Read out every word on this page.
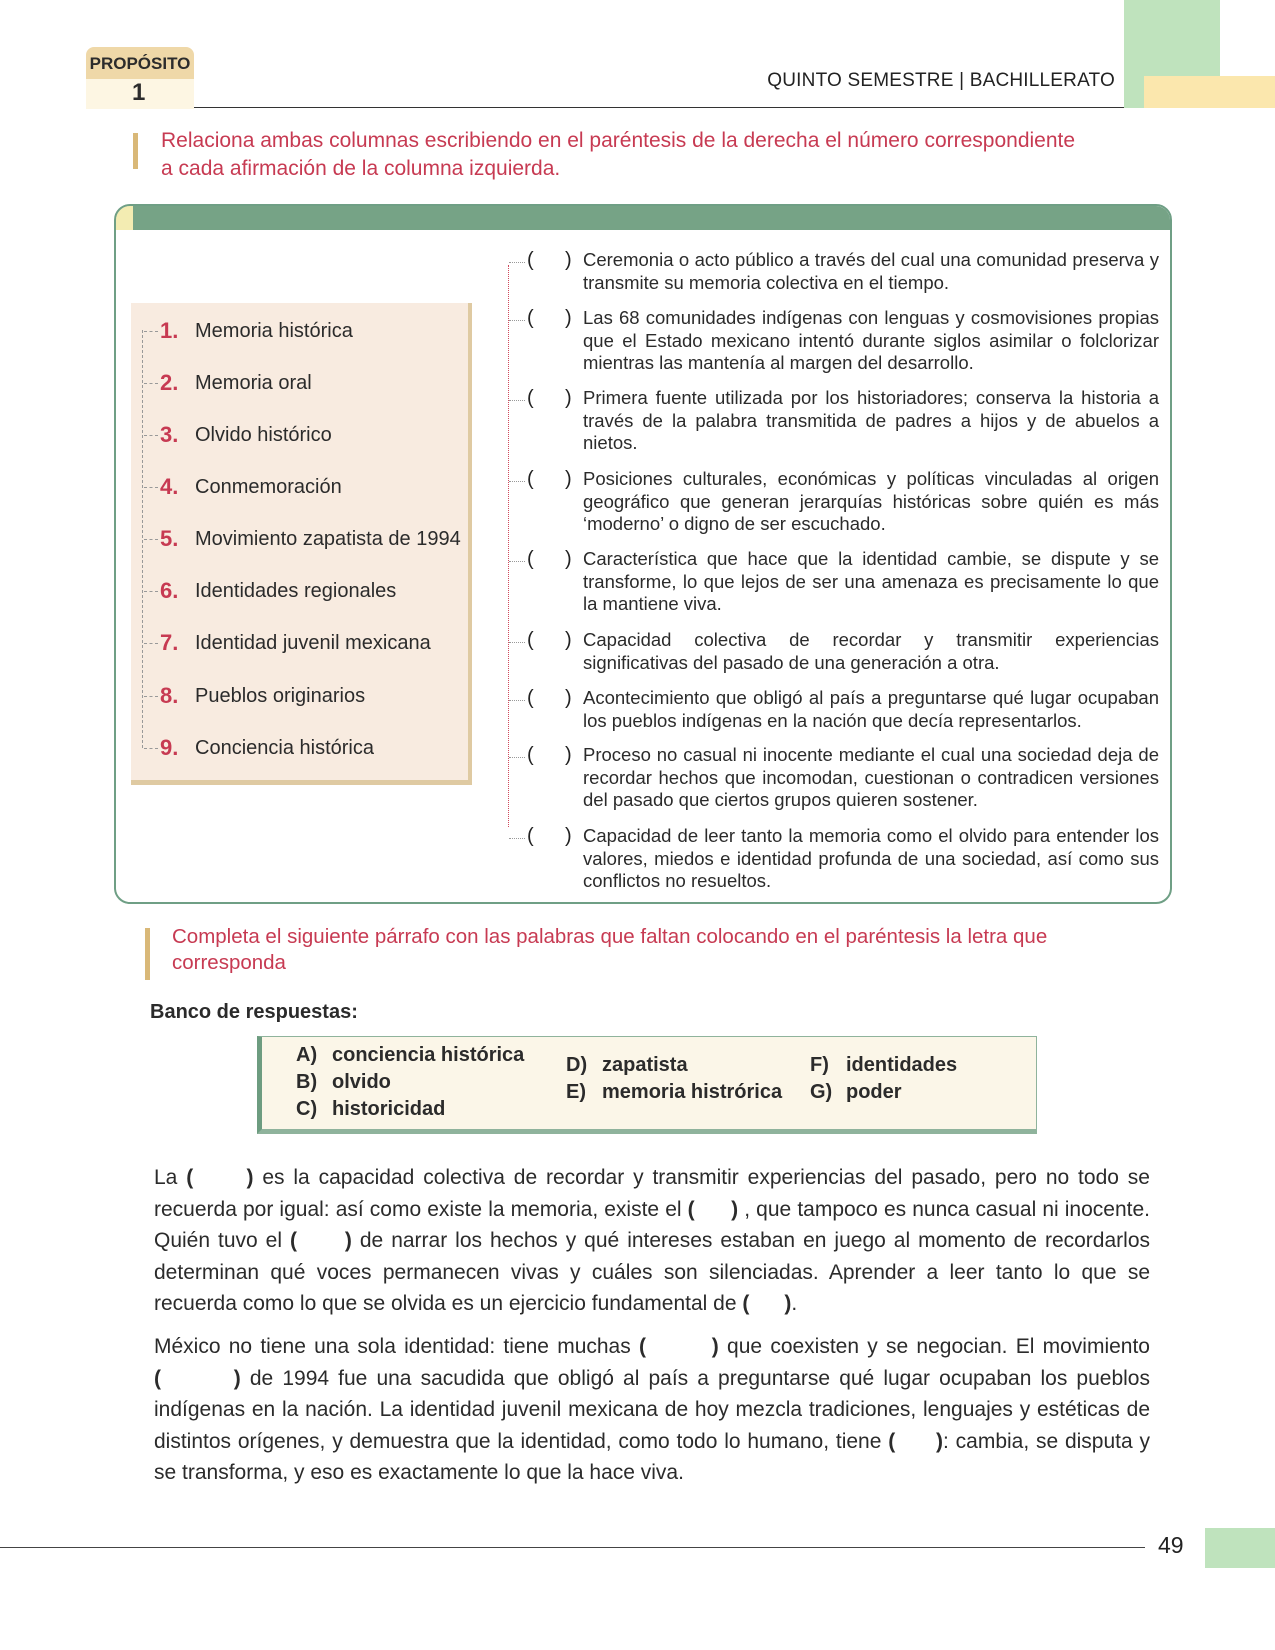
PROPÓSITO
1	QUINTO SEMESTRE | BACHILLERATO
Relaciona ambas columnas escribiendo en el paréntesis de la derecha el número correspondiente
a cada afirmación de la columna izquierda.
1. Memoria histórica
2. Memoria oral
3. Olvido histórico
4. Conmemoración
5. Movimiento zapatista de 1994
6. Identidades regionales
7. Identidad juvenil mexicana
8. Pueblos originarios
9. Conciencia histórica
( ) Ceremonia o acto público a través del cual una comunidad preserva y transmite su memoria colectiva en el tiempo.
( ) Las 68 comunidades indígenas con lenguas y cosmovisiones propias que el Estado mexicano intentó durante siglos asimilar o folclorizar mientras las mantenía al margen del desarrollo.
( ) Primera fuente utilizada por los historiadores; conserva la historia a través de la palabra transmitida de padres a hijos y de abuelos a nietos.
( ) Posiciones culturales, económicas y políticas vinculadas al origen geográfico que generan jerarquías históricas sobre quién es más ‘moderno’ o digno de ser escuchado.
( ) Característica que hace que la identidad cambie, se dispute y se transforme, lo que lejos de ser una amenaza es precisamente lo que la mantiene viva.
( ) Capacidad colectiva de recordar y transmitir experiencias significativas del pasado de una generación a otra.
( ) Acontecimiento que obligó al país a preguntarse qué lugar ocupaban los pueblos indígenas en la nación que decía representarlos.
( ) Proceso no casual ni inocente mediante el cual una sociedad deja de recordar hechos que incomodan, cuestionan o contradicen versiones del pasado que ciertos grupos quieren sostener.
( ) Capacidad de leer tanto la memoria como el olvido para entender los valores, miedos e identidad profunda de una sociedad, así como sus conflictos no resueltos.
Completa el siguiente párrafo con las palabras que faltan colocando en el paréntesis la letra que
corresponda
Banco de respuestas:
A) conciencia histórica
B) olvido
C) historicidad
D) zapatista
E) memoria histrórica
F) identidades
G) poder
La (      ) es la capacidad colectiva de recordar y transmitir experiencias del pasado, pero no todo se recuerda por igual: así como existe la memoria, existe el (      ) , que tampoco es nunca casual ni inocente. Quién tuvo el (      ) de narrar los hechos y qué intereses estaban en juego al momento de recordarlos determinan qué voces permanecen vivas y cuáles son silenciadas. Aprender a leer tanto lo que se recuerda como lo que se olvida es un ejercicio fundamental de (      ).
México no tiene una sola identidad: tiene muchas (        ) que coexisten y se negocian. El movimiento (        ) de 1994 fue una sacudida que obligó al país a preguntarse qué lugar ocupaban los pueblos indígenas en la nación. La identidad juvenil mexicana de hoy mezcla tradiciones, lenguajes y estéticas de distintos orígenes, y demuestra que la identidad, como todo lo humano, tiene (      ): cambia, se disputa y se transforma, y eso es exactamente lo que la hace viva.
49
